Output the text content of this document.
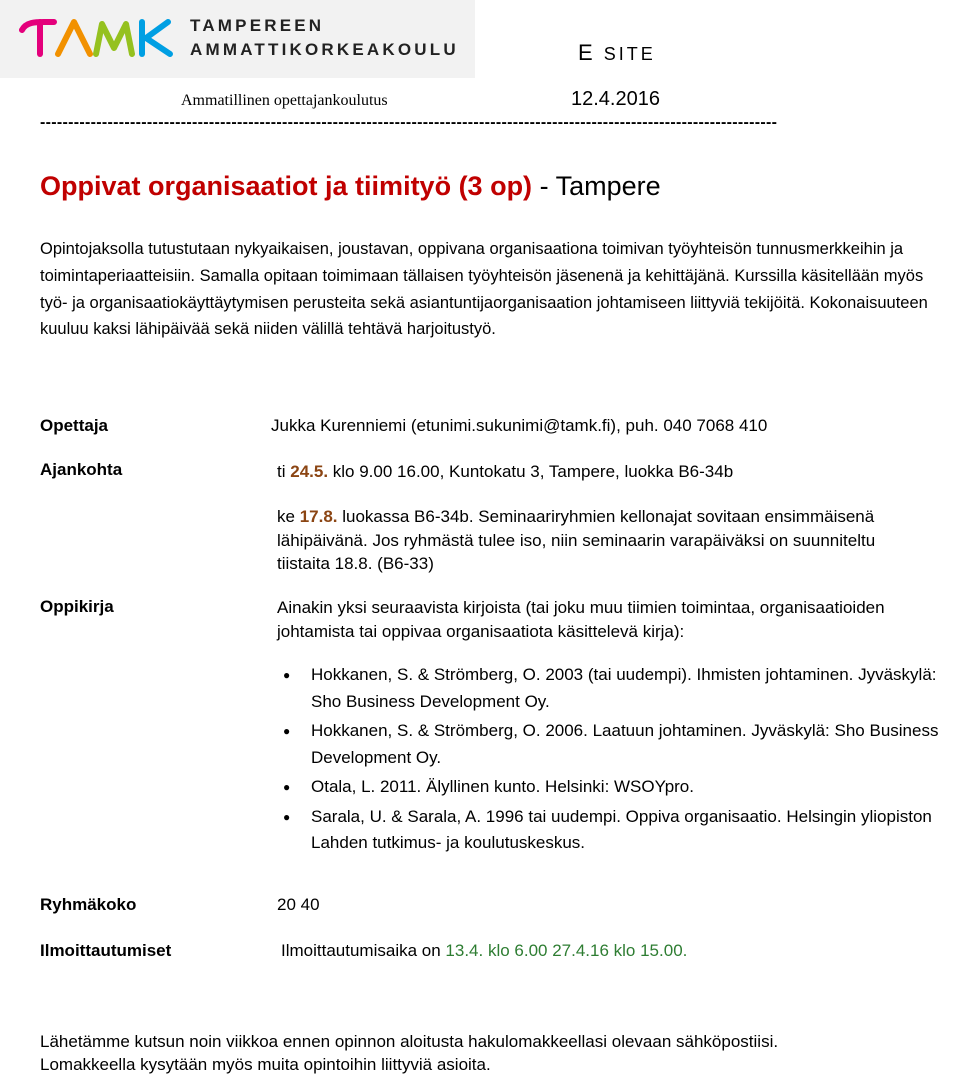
TAMPEREEN
AMMATTIKORKEAKOULU	E SITE
Ammatillinen opettajankoulutus	12.4.2016
-----------------------------------------------------------------------------------------------------------------------------------
Oppivat organisaatiot ja tiimityö (3 op) - Tampere
Opintojaksolla tutustutaan nykyaikaisen, joustavan, oppivana organisaationa toimivan työyhteisön tunnusmerkkeihin ja toimintaperiaatteisiin. Samalla opitaan toimimaan tällaisen työyhteisön jäsenenä ja kehittäjänä. Kurssilla käsitellään myös työ- ja organisaatiokäyttäytymisen perusteita sekä asiantuntijaorganisaation johtamiseen liittyviä tekijöitä. Kokonaisuuteen kuuluu kaksi lähipäivää sekä niiden välillä tehtävä harjoitustyö.
Opettaja	Jukka Kurenniemi (etunimi.sukunimi@tamk.fi), puh. 040 7068 410
Ajankohta	ti 24.5. klo 9.00 16.00, Kuntokatu 3, Tampere, luokka B6-34b
ke 17.8. luokassa B6-34b. Seminaariryhmien kellonajat sovitaan ensimmäisenä lähipäivänä. Jos ryhmästä tulee iso, niin seminaarin varapäiväksi on suunniteltu tiistaita 18.8. (B6-33)
Oppikirja	Ainakin yksi seuraavista kirjoista (tai joku muu tiimien toimintaa, organisaatioiden johtamista tai oppivaa organisaatiota käsittelevä kirja):
● Hokkanen, S. & Strömberg, O. 2003 (tai uudempi). Ihmisten johtaminen. Jyväskylä: Sho Business Development Oy.
● Hokkanen, S. & Strömberg, O. 2006. Laatuun johtaminen. Jyväskylä: Sho Business Development Oy.
● Otala, L. 2011. Älyllinen kunto. Helsinki: WSOYpro.
● Sarala, U. & Sarala, A. 1996 tai uudempi. Oppiva organisaatio. Helsingin yliopiston Lahden tutkimus- ja koulutuskeskus.
Ryhmäkoko	20 40
Ilmoittautumiset	Ilmoittautumisaika on 13.4. klo 6.00 27.4.16 klo 15.00.
Lähetämme kutsun noin viikkoa ennen opinnon aloitusta hakulomakkeellasi olevaan sähköpostiisi.
Lomakkeella kysytään myös muita opintoihin liittyviä asioita.
